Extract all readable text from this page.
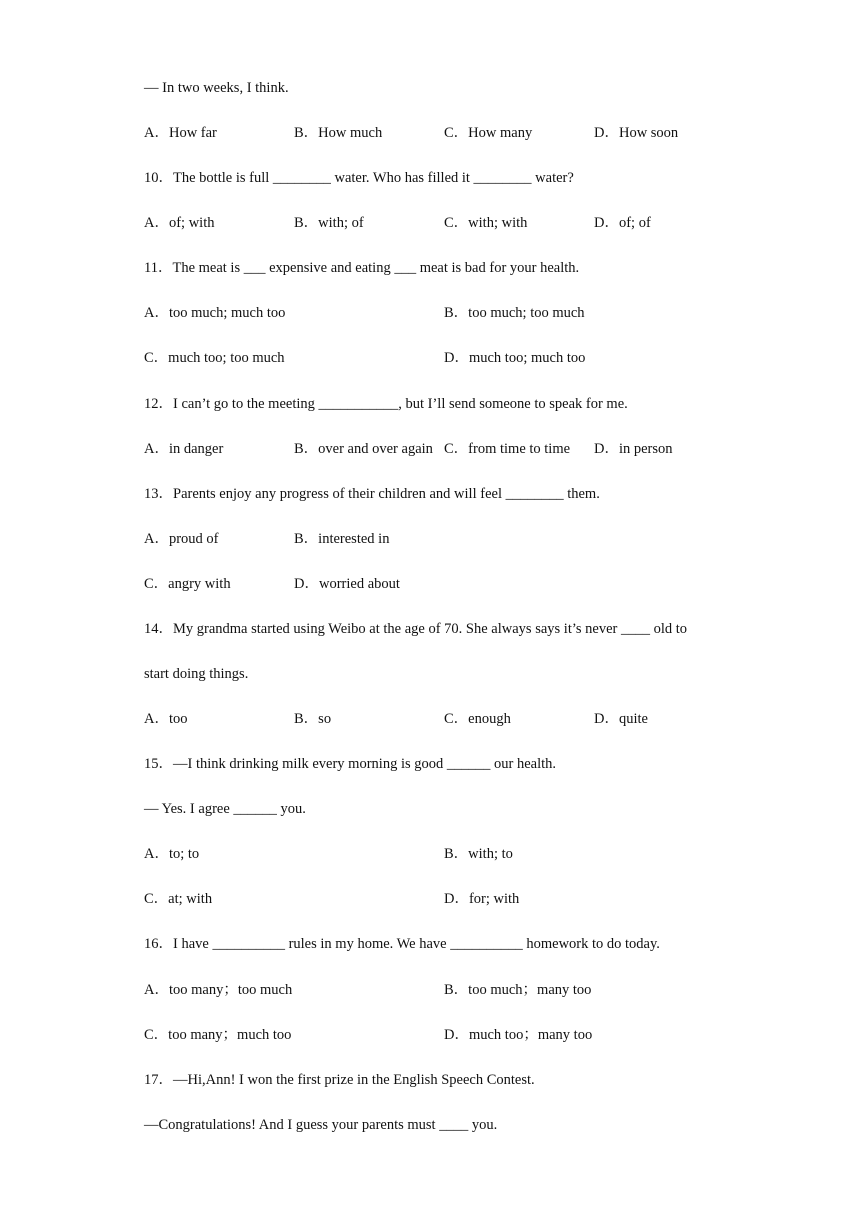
— In two weeks, I think.
A．How far	B．How much	C．How many	D．How soon
10．The bottle is full ________ water. Who has filled it ________ water?
A．of; with	B．with; of	C．with; with	D．of; of
11．The meat is ___ expensive and eating ___ meat is bad for your health.
A．too much; much too	B．too much; too much
C．much too; too much	D．much too; much too
12．I can’t go to the meeting ___________, but I’ll send someone to speak for me.
A．in danger	B．over and over again C．from time to time D．in person
13．Parents enjoy any progress of their children and will feel ________ them.
A．proud of	B．interested in
C．angry with	D．worried about
14．My grandma started using Weibo at the age of 70. She always says it’s never ____ old to
start doing things.
A．too	B．so	C．enough	D．quite
15．—I think drinking milk every morning is good ______ our health.
— Yes. I agree ______ you.
A．to; to	B．with; to
C．at; with	D．for; with
16．I have __________ rules in my home. We have __________ homework to do today.
A．too many；too much	B．too much；many too
C．too many；much too	D．much too；many too
17．—Hi,Ann! I won the first prize in the English Speech Contest.
—Congratulations! And I guess your parents must ____ you.
